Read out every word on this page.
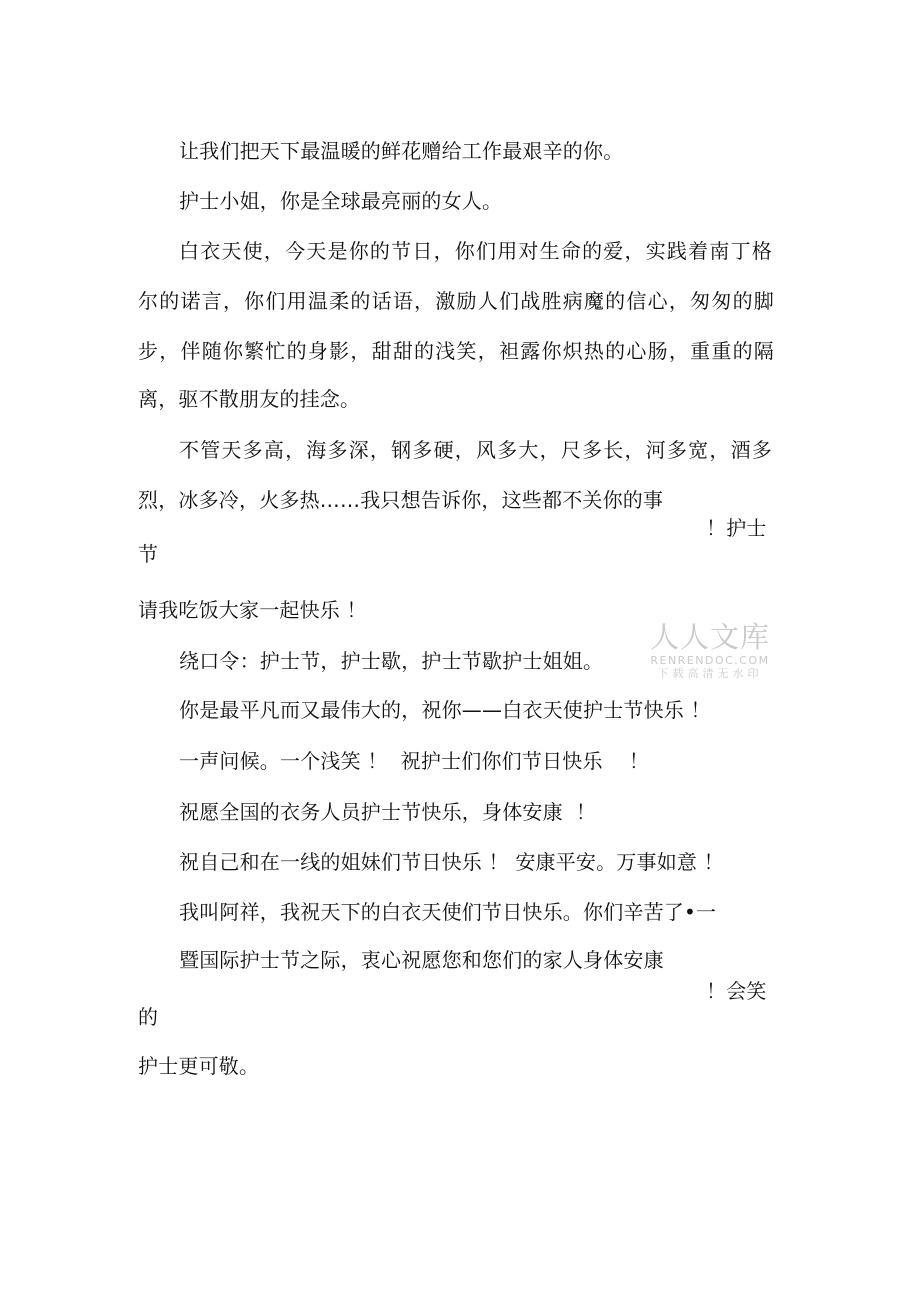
让我们把天下最温暖的鲜花赠给工作最艰辛的你。
护士小姐，你是全球最亮丽的女人。
白衣天使，今天是你的节日，你们用对生命的爱，实践着南丁格
尔的诺言，你们用温柔的话语，激励人们战胜病魔的信心，匆匆的脚
步，伴随你繁忙的身影，甜甜的浅笑，袒露你炽热的心肠，重重的隔
离，驱不散朋友的挂念。
不管天多高，海多深，钢多硬，风多大，尺多长，河多宽，酒多
烈，冰多冷，火多热……我只想告诉你，这些都不关你的事
！护士
节
请我吃饭大家一起快乐 ！
绕口令：护士节，护士歇，护士节歇护士姐姐。
你是最平凡而又最伟大的，祝你——白衣天使护士节快乐 ！
一声问候。一个浅笑 ！  祝护士们你们节日快乐    ！
祝愿全国的衣务人员护士节快乐，身体安康  ！
祝自己和在一线的姐妹们节日快乐 ！ 安康平安。万事如意 ！
我叫阿祥，我祝天下的白衣天使们节日快乐。你们辛苦了•一
暨国际护士节之际，衷心祝愿您和您们的家人身体安康
！会笑
的
护士更可敬。
人人文库
RENRENDOC.COM
下载高清无水印
